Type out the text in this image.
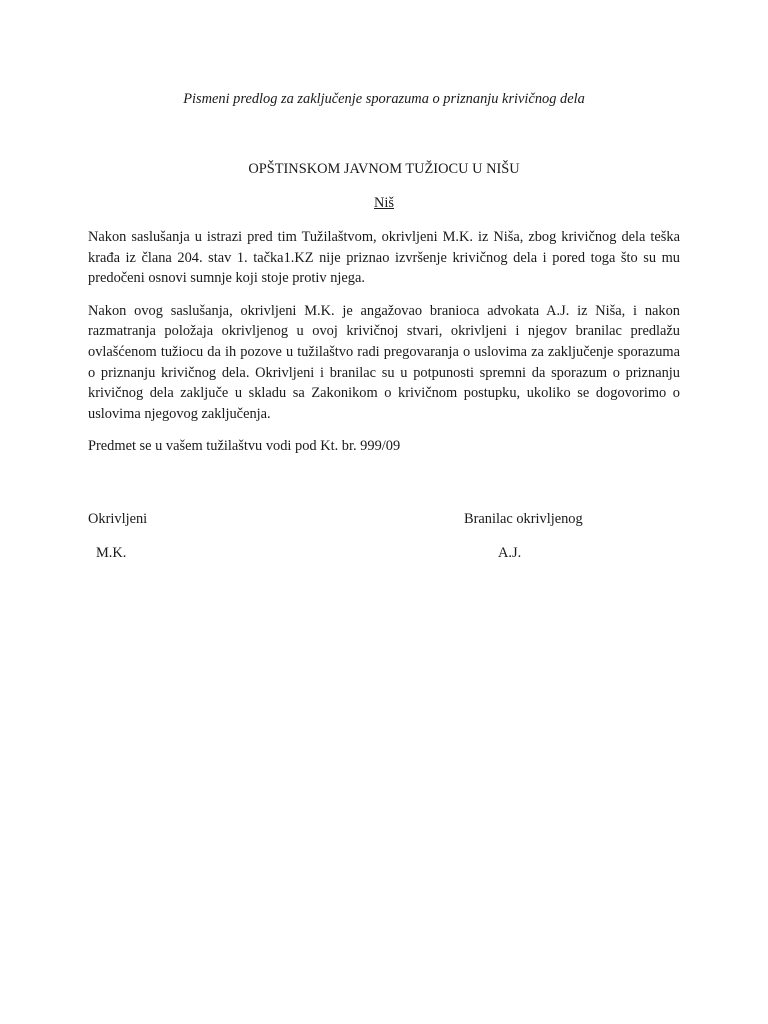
Pismeni predlog za zaključenje sporazuma o priznanju krivičnog dela
OPŠTINSKOM JAVNOM TUŽIOCU U NIŠU
Niš

Nakon saslušanja u istrazi pred tim Tužilaštvom, okrivljeni M.K. iz Niša, zbog krivičnog dela teška krađa iz člana 204. stav 1. tačka1.KZ nije priznao izvršenje krivičnog dela i pored toga što su mu predočeni osnovi sumnje koji stoje protiv njega.

Nakon ovog saslušanja, okrivljeni M.K. je angažovao branioca advokata A.J. iz Niša, i nakon razmatranja položaja okrivljenog u ovoj krivičnoj stvari, okrivljeni i njegov branilac predlažu ovlašćenom tužiocu da ih pozove u tužilaštvo radi pregovaranja o uslovima za zaključenje sporazuma o priznanju krivičnog dela. Okrivljeni i branilac su u potpunosti spremni da sporazum o priznanju krivičnog dela zaključe u skladu sa Zakonikom o krivičnom postupku, ukoliko se dogovorimo o uslovima njegovog zaključenja.

Predmet se u vašem tužilaštvu vodi pod Kt. br. 999/09

Okrivljeni	Branilac okrivljenog
M.K.	A.J.
